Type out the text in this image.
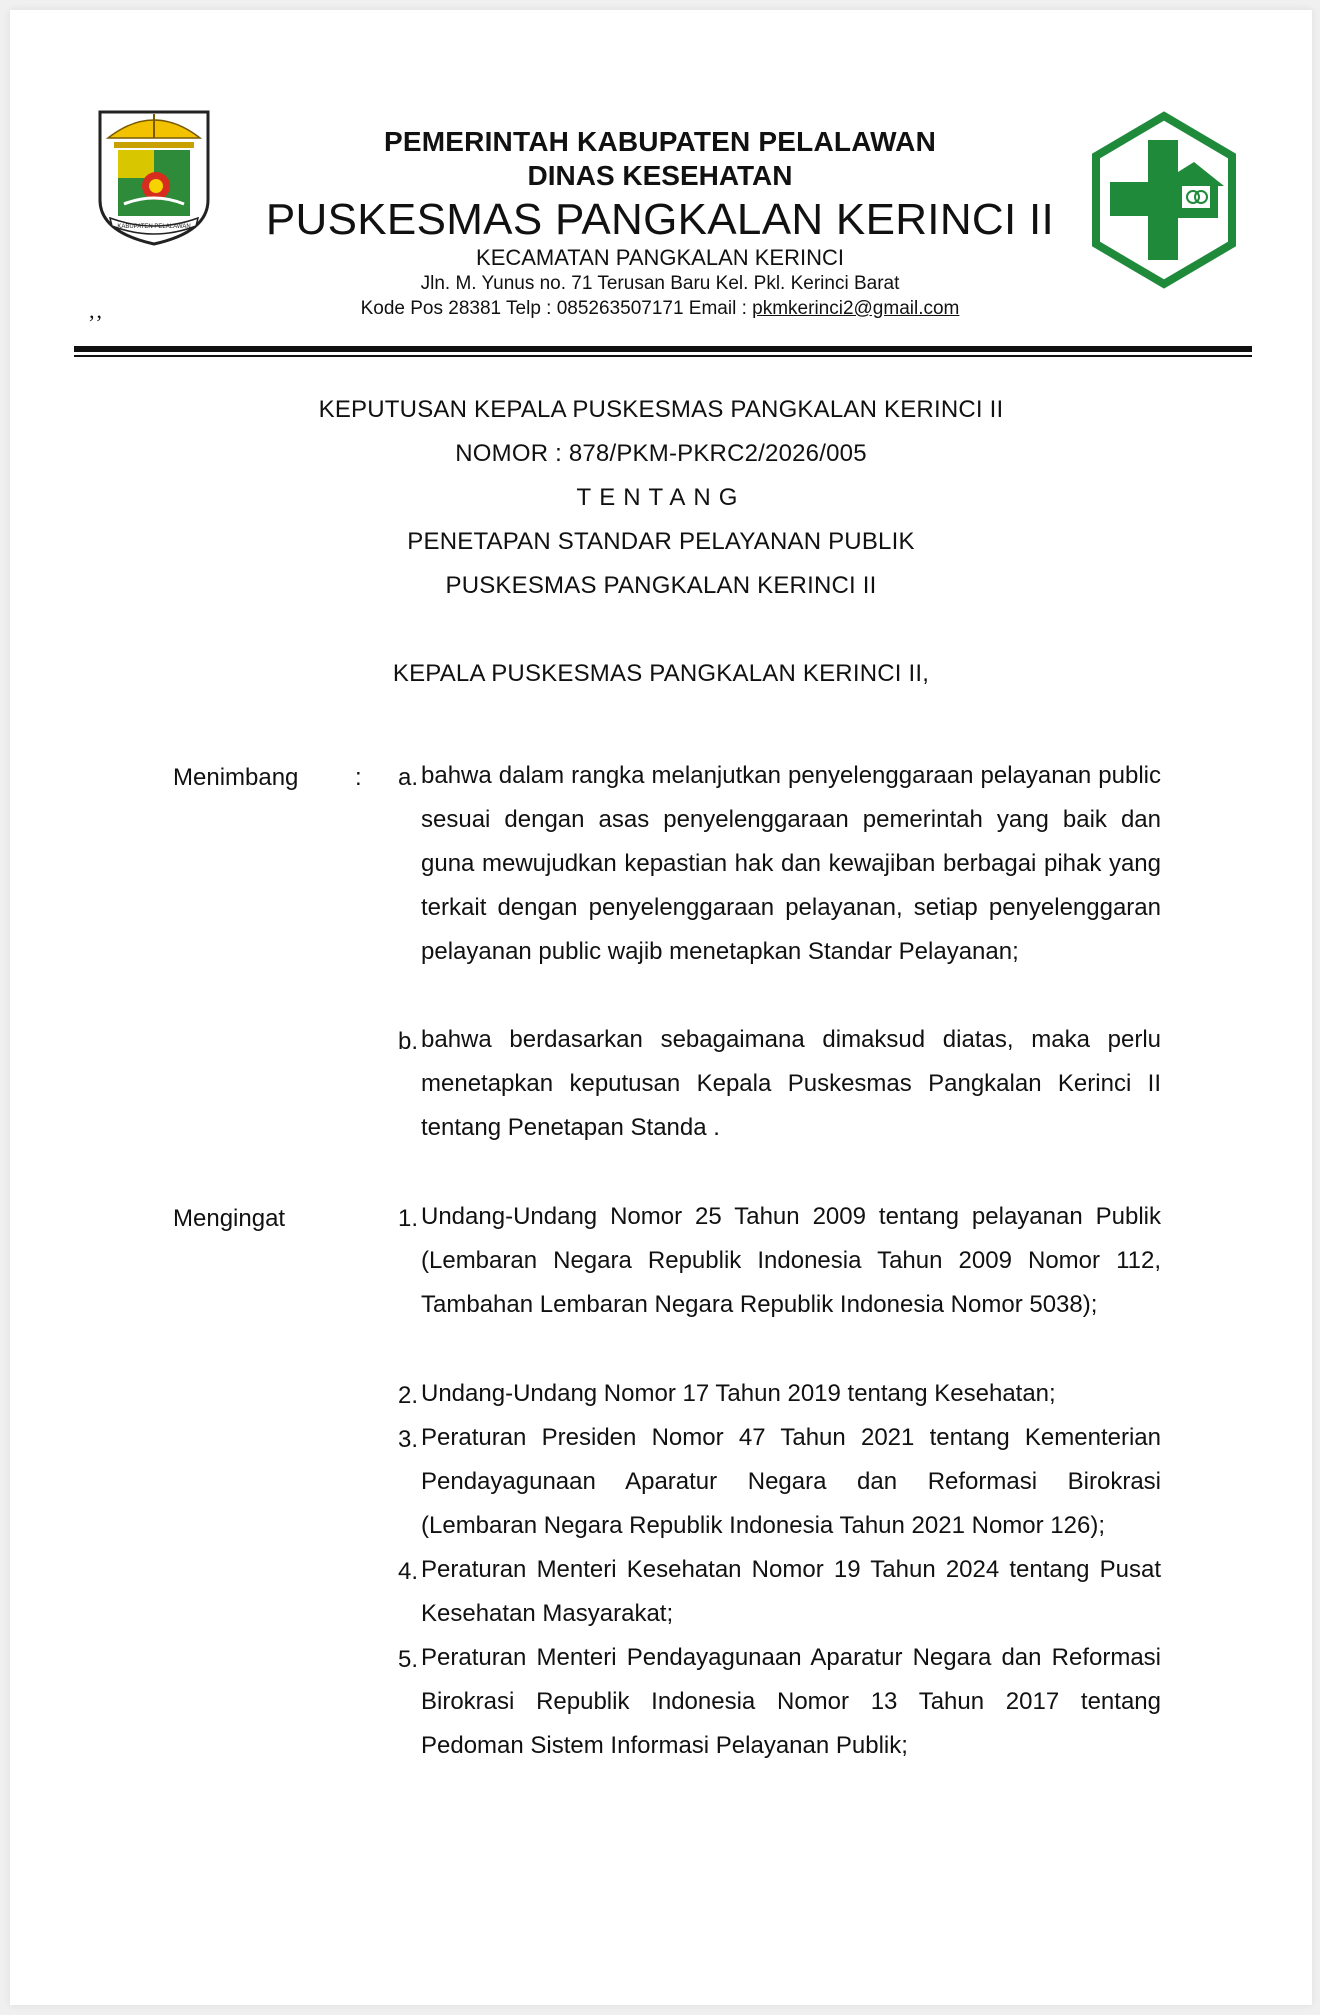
KABUPATEN PELALAWAN
PEMERINTAH KABUPATEN PELALAWAN
DINAS KESEHATAN
PUSKESMAS PANGKALAN KERINCI II
KECAMATAN PANGKALAN KERINCI
Jln. M. Yunus no. 71 Terusan Baru Kel. Pkl. Kerinci Barat
Kode Pos 28381 Telp : 085263507171 Email : pkmkerinci2@gmail.com
‚‚
KEPUTUSAN KEPALA PUSKESMAS PANGKALAN KERINCI II
NOMOR : 878/PKM-PKRC2/2026/005
TENTANG
PENETAPAN STANDAR PELAYANAN PUBLIK
PUSKESMAS PANGKALAN KERINCI II
KEPALA PUSKESMAS PANGKALAN KERINCI II,
Menimbang :	a. bahwa dalam rangka melanjutkan penyelenggaraan pelayanan public sesuai dengan asas penyelenggaraan pemerintah yang baik dan guna mewujudkan kepastian hak dan kewajiban berbagai pihak yang terkait dengan penyelenggaraan pelayanan, setiap penyelenggaran pelayanan public wajib menetapkan Standar Pelayanan;
b. bahwa berdasarkan sebagaimana dimaksud diatas, maka perlu menetapkan keputusan Kepala Puskesmas Pangkalan Kerinci II tentang Penetapan Standa .
Mengingat	1. Undang-Undang Nomor 25 Tahun 2009 tentang pelayanan Publik (Lembaran Negara Republik Indonesia Tahun 2009 Nomor 112, Tambahan Lembaran Negara Republik Indonesia Nomor 5038);
2. Undang-Undang Nomor 17 Tahun 2019 tentang Kesehatan;
3. Peraturan Presiden Nomor 47 Tahun 2021 tentang Kementerian Pendayagunaan Aparatur Negara dan Reformasi Birokrasi (Lembaran Negara Republik Indonesia Tahun 2021 Nomor 126);
4. Peraturan Menteri Kesehatan Nomor 19 Tahun 2024 tentang Pusat Kesehatan Masyarakat;
5. Peraturan Menteri Pendayagunaan Aparatur Negara dan Reformasi Birokrasi Republik Indonesia Nomor 13 Tahun 2017 tentang Pedoman Sistem Informasi Pelayanan Publik;
